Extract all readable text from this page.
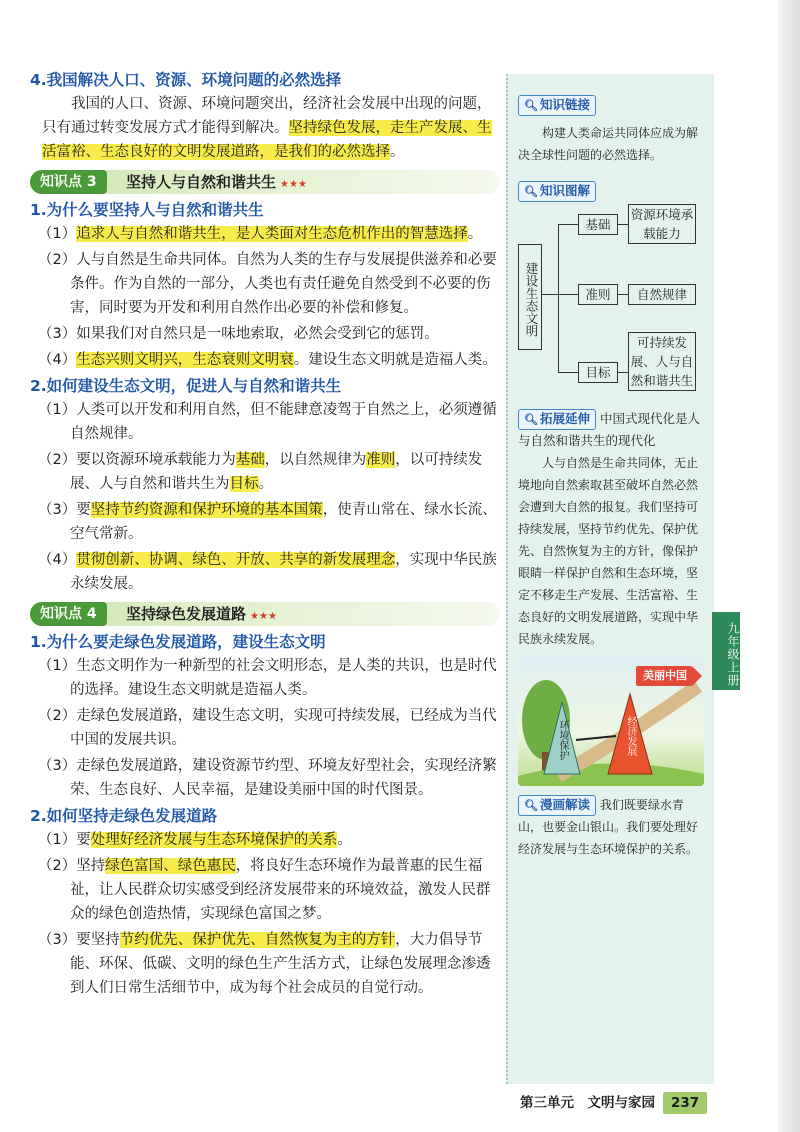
4.我国解决人口、资源、环境问题的必然选择

我国的人口、资源、环境问题突出，经济社会发展中出现的问题，只有通过转变发展方式才能得到解决。坚持绿色发展，走生产发展、生活富裕、生态良好的文明发展道路，是我们的必然选择。

知识点 3	坚持人与自然和谐共生 ★★★
1.为什么要坚持人与自然和谐共生

（1）追求人与自然和谐共生，是人类面对生态危机作出的智慧选择。

（2）人与自然是生命共同体。自然为人类的生存与发展提供滋养和必要条件。作为自然的一部分，人类也有责任避免自然受到不必要的伤害，同时要为开发和利用自然作出必要的补偿和修复。

（3）如果我们对自然只是一味地索取，必然会受到它的惩罚。

（4）生态兴则文明兴，生态衰则文明衰。建设生态文明就是造福人类。

2.如何建设生态文明，促进人与自然和谐共生

（1）人类可以开发和利用自然，但不能肆意凌驾于自然之上，必须遵循自然规律。

（2）要以资源环境承载能力为基础，以自然规律为准则，以可持续发展、人与自然和谐共生为目标。

（3）要坚持节约资源和保护环境的基本国策，使青山常在、绿水长流、空气常新。

（4）贯彻创新、协调、绿色、开放、共享的新发展理念，实现中华民族永续发展。

知识点 4	坚持绿色发展道路 ★★★
1.为什么要走绿色发展道路，建设生态文明

（1）生态文明作为一种新型的社会文明形态，是人类的共识，也是时代的选择。建设生态文明就是造福人类。

（2）走绿色发展道路，建设生态文明，实现可持续发展，已经成为当代中国的发展共识。

（3）走绿色发展道路，建设资源节约型、环境友好型社会，实现经济繁荣、生态良好、人民幸福，是建设美丽中国的时代图景。

2.如何坚持走绿色发展道路

（1）要处理好经济发展与生态环境保护的关系。

（2）坚持绿色富国、绿色惠民，将良好生态环境作为最普惠的民生福祉，让人民群众切实感受到经济发展带来的环境效益，激发人民群众的绿色创造热情，实现绿色富国之梦。

（3）要坚持节约优先、保护优先、自然恢复为主的方针，大力倡导节能、环保、低碳、文明的绿色生产生活方式，让绿色发展理念渗透到人们日常生活细节中，成为每个社会成员的自觉行动。

🔍︎ 知识链接

构建人类命运共同体应成为解决全球性问题的必然选择。

🔍︎ 知识图解
建设生态文明
基础
准则
目标
资源环境承载能力
自然规律
可持续发展、人与自然和谐共生

🔍︎ 拓展延伸 中国式现代化是人与自然和谐共生的现代化

人与自然是生命共同体，无止境地向自然索取甚至破坏自然必然会遭到大自然的报复。我们坚持可持续发展，坚持节约优先、保护优先、自然恢复为主的方针，像保护眼睛一样保护自然和生态环境，坚定不移走生产发展、生活富裕、生态良好的文明发展道路，实现中华民族永续发展。

美丽中国
环境保护	经济发展

🔍︎ 漫画解读 我们既要绿水青山，也要金山银山。我们要处理好经济发展与生态环境保护的关系。

九年级上册
第三单元　文明与家园 237
